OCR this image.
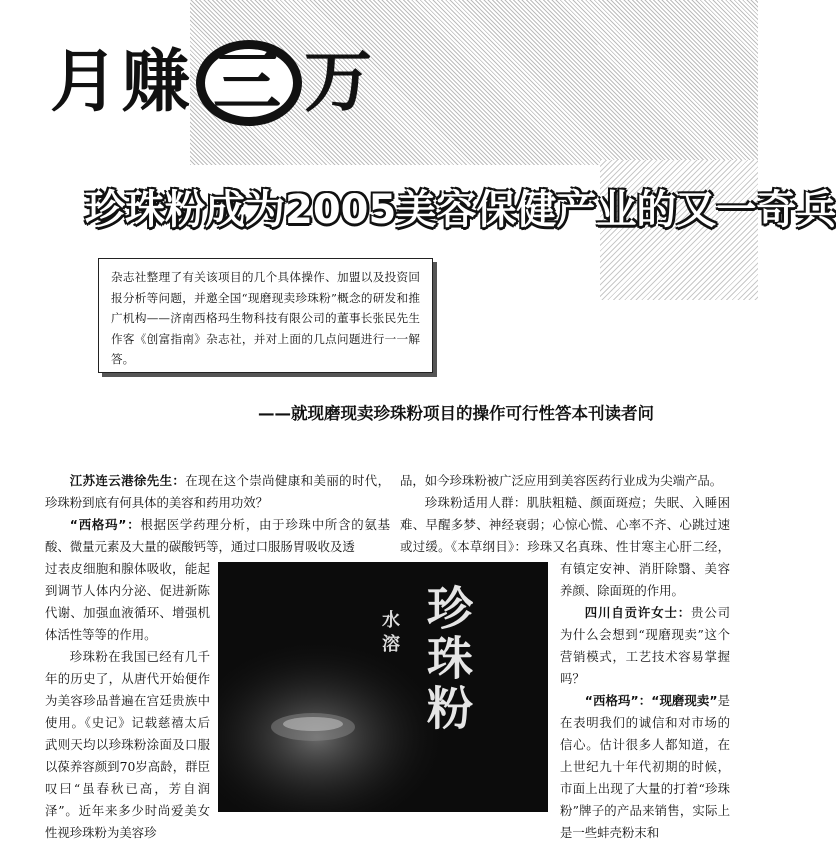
月赚 三 万
珍珠粉成为2005美容保健产业的又一奇兵
杂志社整理了有关该项目的几个具体操作、加盟以及投资回报分析等问题，并邀全国“现磨现卖珍珠粉”概念的研发和推广机构——济南西格玛生物科技有限公司的董事长张民先生作客《创富指南》杂志社，并对上面的几点问题进行一一解答。
——就现磨现卖珍珠粉项目的操作可行性答本刊读者问

江苏连云港徐先生：在现在这个崇尚健康和美丽的时代，珍珠粉到底有何具体的美容和药用功效？

“西格玛”：根据医学药理分析，由于珍珠中所含的氨基酸、微量元素及大量的碳酸钙等，通过口服肠胃吸收及透

过表皮细胞和腺体吸收，能起到调节人体内分泌、促进新陈代谢、加强血液循环、增强机体活性等等的作用。

珍珠粉在我国已经有几千年的历史了，从唐代开始便作为美容珍品普遍在宫廷贵族中使用。《史记》记载慈禧太后武则天均以珍珠粉涂面及口服以葆养容颜到70岁高龄，群臣叹曰“虽春秋已高，芳自润泽”。近年来多少时尚爱美女性视珍珠粉为美容珍

品，如今珍珠粉被广泛应用到美容医药行业成为尖端产品。

珍珠粉适用人群：肌肤粗糙、颜面斑痘；失眠、入睡困难、早醒多梦、神经衰弱；心惊心慌、心率不齐、心跳过速或过缓。《本草纲目》：珍珠又名真珠、性甘寒主心肝二经，

有镇定安神、消肝除翳、美容养颜、除面斑的作用。

四川自贡许女士：贵公司为什么会想到“现磨现卖”这个营销模式，工艺技术容易掌握吗？

“西格玛”：“现磨现卖”是在表明我们的诚信和对市场的信心。估计很多人都知道，在上世纪九十年代初期的时候，市面上出现了大量的打着“珍珠粉”牌子的产品来销售，实际上是一些蚌壳粉末和

水溶 珍珠粉
